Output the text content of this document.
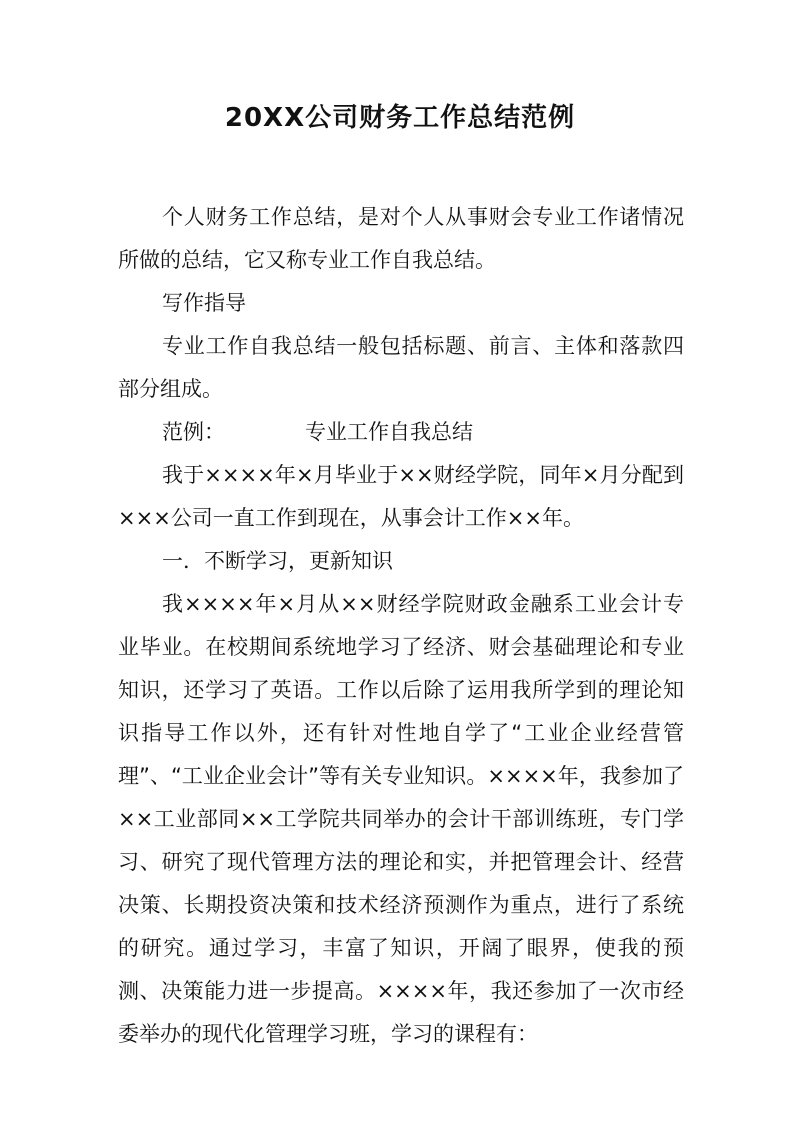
20XX公司财务工作总结范例

个人财务工作总结，是对个人从事财会专业工作诸情况所做的总结，它又称专业工作自我总结。

写作指导

专业工作自我总结一般包括标题、前言、主体和落款四部分组成。

范例：	专业工作自我总结

我于××××年×月毕业于××财经学院，同年×月分配到×××公司一直工作到现在，从事会计工作××年。

一．不断学习，更新知识

我××××年×月从××财经学院财政金融系工业会计专业毕业。在校期间系统地学习了经济、财会基础理论和专业知识，还学习了英语。工作以后除了运用我所学到的理论知识指导工作以外，还有针对性地自学了“工业企业经营管理”、“工业企业会计”等有关专业知识。××××年，我参加了××工业部同××工学院共同举办的会计干部训练班，专门学习、研究了现代管理方法的理论和实，并把管理会计、经营决策、长期投资决策和技术经济预测作为重点，进行了系统的研究。通过学习，丰富了知识，开阔了眼界，使我的预测、决策能力进一步提高。××××年，我还参加了一次市经委举办的现代化管理学习班，学习的课程有：
